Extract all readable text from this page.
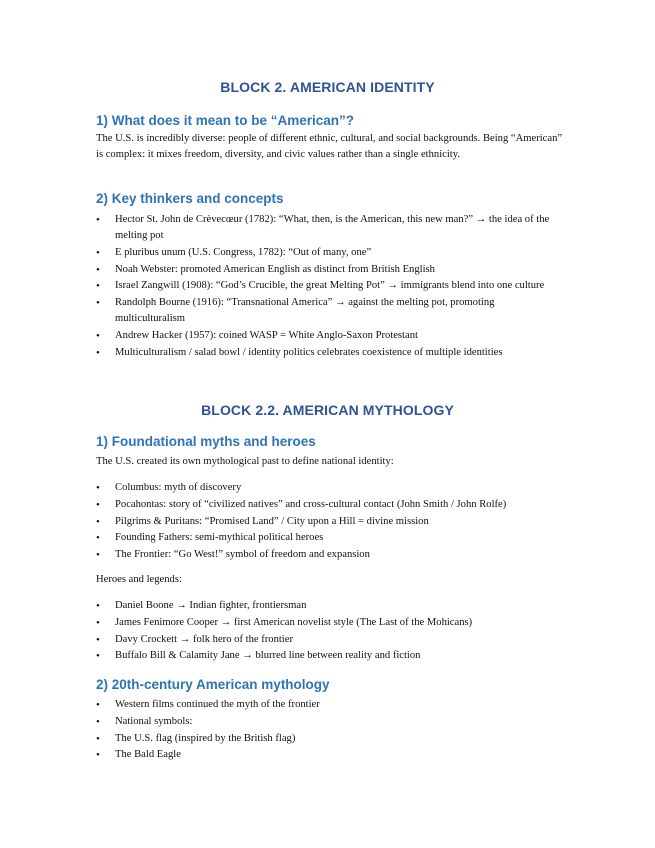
BLOCK 2. AMERICAN IDENTITY
1) What does it mean to be “American”?
The U.S. is incredibly diverse: people of different ethnic, cultural, and social backgrounds. Being “American” is complex: it mixes freedom, diversity, and civic values rather than a single ethnicity.
2) Key thinkers and concepts
• Hector St. John de Crèvecœur (1782): “What, then, is the American, this new man?” → the idea of the melting pot
• E pluribus unum (U.S. Congress, 1782): “Out of many, one”
• Noah Webster: promoted American English as distinct from British English
• Israel Zangwill (1908): “God’s Crucible, the great Melting Pot” → immigrants blend into one culture
• Randolph Bourne (1916): “Transnational America” → against the melting pot, promoting multiculturalism
• Andrew Hacker (1957): coined WASP = White Anglo-Saxon Protestant
• Multiculturalism / salad bowl / identity politics celebrates coexistence of multiple identities
BLOCK 2.2. AMERICAN MYTHOLOGY
1) Foundational myths and heroes
The U.S. created its own mythological past to define national identity:
• Columbus: myth of discovery
• Pocahontas: story of “civilized natives” and cross-cultural contact (John Smith / John Rolfe)
• Pilgrims & Puritans: “Promised Land” / City upon a Hill = divine mission
• Founding Fathers: semi-mythical political heroes
• The Frontier: “Go West!” symbol of freedom and expansion
Heroes and legends:
• Daniel Boone → Indian fighter, frontiersman
• James Fenimore Cooper → first American novelist style (The Last of the Mohicans)
• Davy Crockett → folk hero of the frontier
• Buffalo Bill & Calamity Jane → blurred line between reality and fiction
2) 20th-century American mythology
• Western films continued the myth of the frontier
• National symbols:
• The U.S. flag (inspired by the British flag)
• The Bald Eagle
